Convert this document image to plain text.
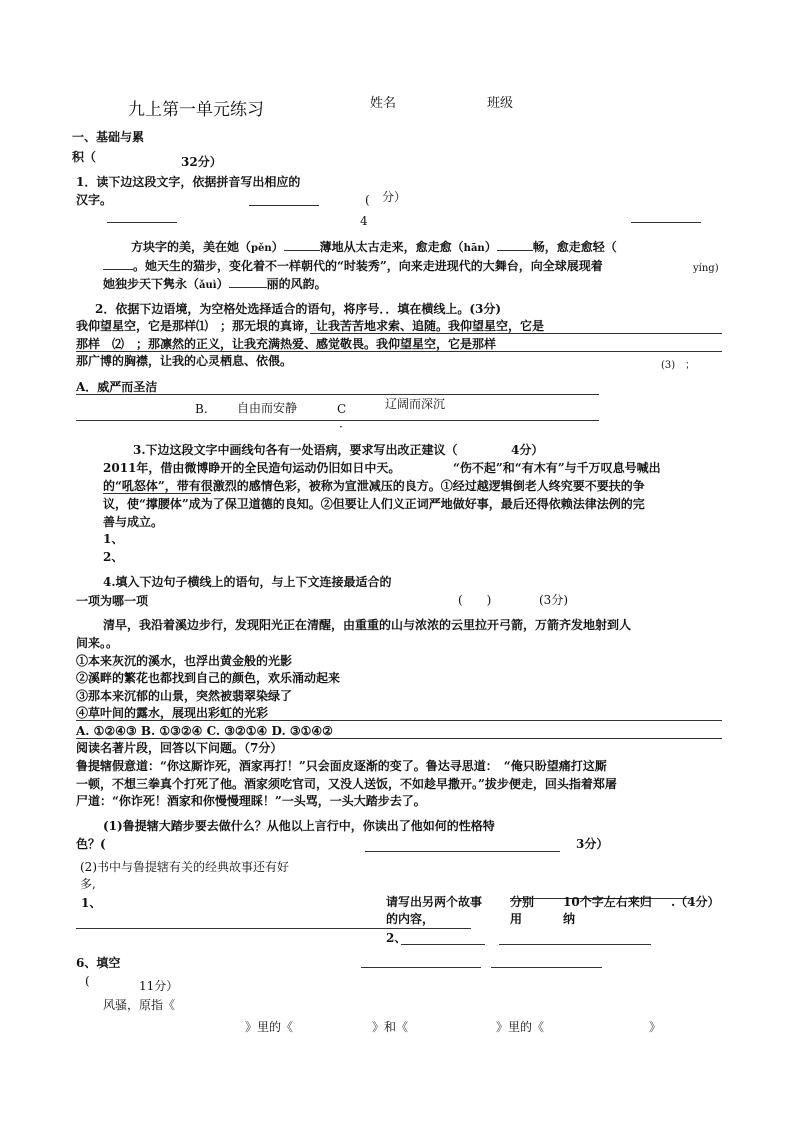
九上第一单元练习	姓名	班级
一、基础与累
积（	32分）
1．读下边这段文字，依据拼音写出相应的
汉字。	( 分）
4
方块字的美，美在她（pěn）	薄地从太古走来，愈走愈（hān）	畅，愈走愈轻（
。她天生的猫步，变化着不一样朝代的“时装秀”，向来走进现代的大舞台，向全球展现着	yíng)
她独步天下隽永（ǎuì）	丽的风韵。
2．依据下边语境，为空格处选择适合的语句，将序号．．填在横线上。(3分)
我仰望星空，它是那样⑴　；那无垠的真谛，让我苦苦地求索、追随。我仰望星空，它是
那样　⑵　；那凛然的正义，让我充满热爱、感觉敬畏。我仰望星空，它是那样
那广博的胸襟，让我的心灵栖息、依偎。	(3)　；
A．威严而圣洁
B. 自由而安静	C	辽阔而深沉
·
3.下边这段文字中画线句各有一处语病，要求写出改正建议（	4分）
2011年，借由微博睁开的全民造句运动仍旧如日中天。	“伤不起”和“有木有”与千万叹息号喊出
的“吼怒体”，带有很激烈的感情色彩，被称为宣泄减压的良方。①经过越逻辑倒老人终究要不要扶的争
议，使“撑腰体”成为了保卫道德的良知。②但要让人们义正词严地做好事，最后还得依赖法律法例的完
善与成立。
1、
2、
4.填入下边句子横线上的语句，与上下文连接最适合的
一项为哪一项	(　　)	(3分)
清早，我沿着溪边步行，发现阳光正在清醒，由重重的山与浓浓的云里拉开弓箭，万箭齐发地射到人
间来。。
①本来灰沉的溪水，也浮出黄金般的光影
②溪畔的繁花也都找到自己的颜色，欢乐涌动起来
③那本来沉郁的山景，突然被翡翠染绿了
④草叶间的露水，展现出彩虹的光彩
A. ①②④③ B. ①③②④ C. ③②①④ D. ③①④②
阅读名著片段，回答以下问题。（7分）
鲁提辖假意道：“你这厮诈死，酒家再打！”只会面皮逐渐的变了。鲁达寻思道：　“俺只盼望痛打这厮
一顿，不想三拳真个打死了他。酒家须吃官司，又没人送饭，不如趁早撒开。”拔步便走，回头指着郑屠
尸道：“你诈死！酒家和你慢慢理睬！”一头骂，一头大踏步去了。
(1)鲁提辖大踏步要去做什么？从他以上言行中，你读出了他如何的性格特
色？(	3分）
(2)书中与鲁提辖有关的经典故事还有好
多,
1、	请写出另两个故事
的内容，
分别
用
10个字左右来归
纳
.（4分）
2、
6、填空
(	11分）
风骚，原指《
》里的《	》和《	》里的《	》
